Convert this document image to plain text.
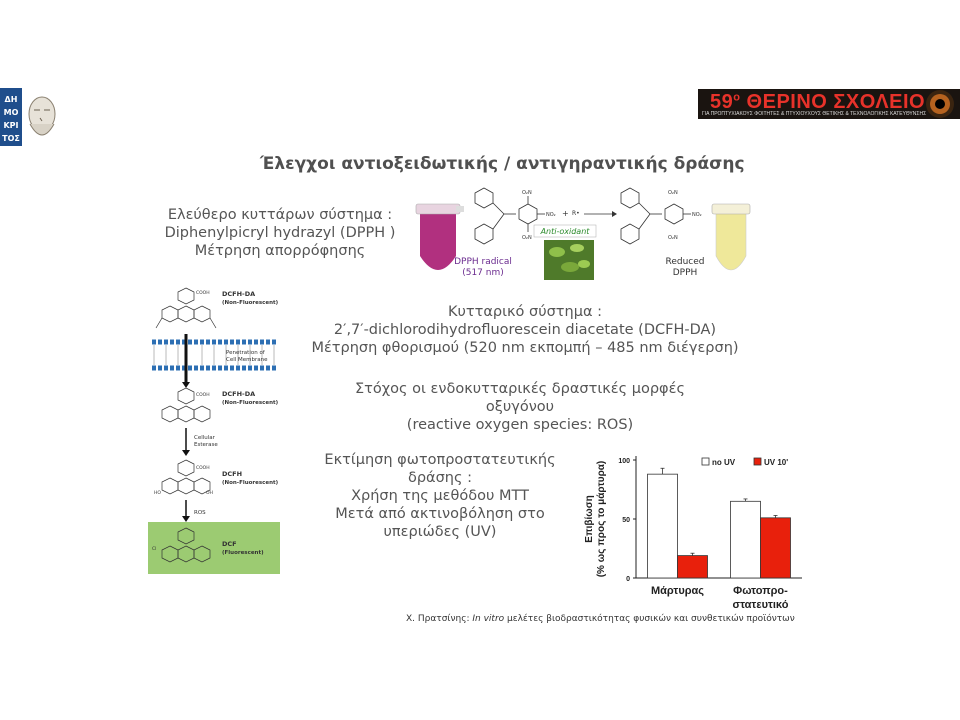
ΔΗ
ΜΟ
ΚΡΙ
ΤΟΣ
$59^o$ ΘΕΡΙΝΟ ΣΧΟΛΕΙΟ
ΓΙΑ ΠΡΟΠΤΥΧΙΑΚΟΥΣ ΦΟΙΤΗΤΕΣ & ΠΤΥΧΙΟΥΧΟΥΣ ΘΕΤΙΚΗΣ & ΤΕΧΝΟΛΟΓΙΚΗΣ ΚΑΤΕΥΘΥΝΣΗΣ
Έλεγχοι αντιοξειδωτικής / αντιγηραντικής δράσης
Ελεύθερο κυττάρων σύστημα :
Diphenylpicryl hydrazyl (DPPH )
Μέτρηση απορρόφησης
O₂N
O₂N
NO₂ + R•
Anti-oxidant
O₂N
O₂N
NO₂
DPPH radical
(517 nm)
Reduced
DPPH
COOH DCFH-DA
(Non-Fluorescent)
Penetration of
Cell Membrane
COOH DCFH-DA
(Non-Fluorescent)
Cellular
Esterase
COOH
HO	OH
DCFH
(Non-Fluorescent)
ROS
Cl
DCF
(Fluorescent)
Κυτταρικό σύστημα :
2′,7′-dichlorodihydrofluorescein diacetate (DCFH-DA)
Μέτρηση φθορισμού (520 nm εκπομπή – 485 nm διέγερση)
Στόχος οι ενδοκυτταρικές δραστικές μορφές οξυγόνου
(reactive oxygen species: ROS)
Εκτίμηση φωτοπροστατευτικής
δράσης :
Χρήση της μεθόδου MTT
Μετά από ακτινοβόληση στο
υπεριώδες (UV)	Επιβίωση (% ως προς το μάρτυρα)
0
50
100
Μάρτυρας	Φωτοπρο-
στατευτικό
no UV	UV 10'
Χ. Πρατσίνης: In vitro μελέτες βιοδραστικότητας φυσικών και συνθετικών προϊόντων
